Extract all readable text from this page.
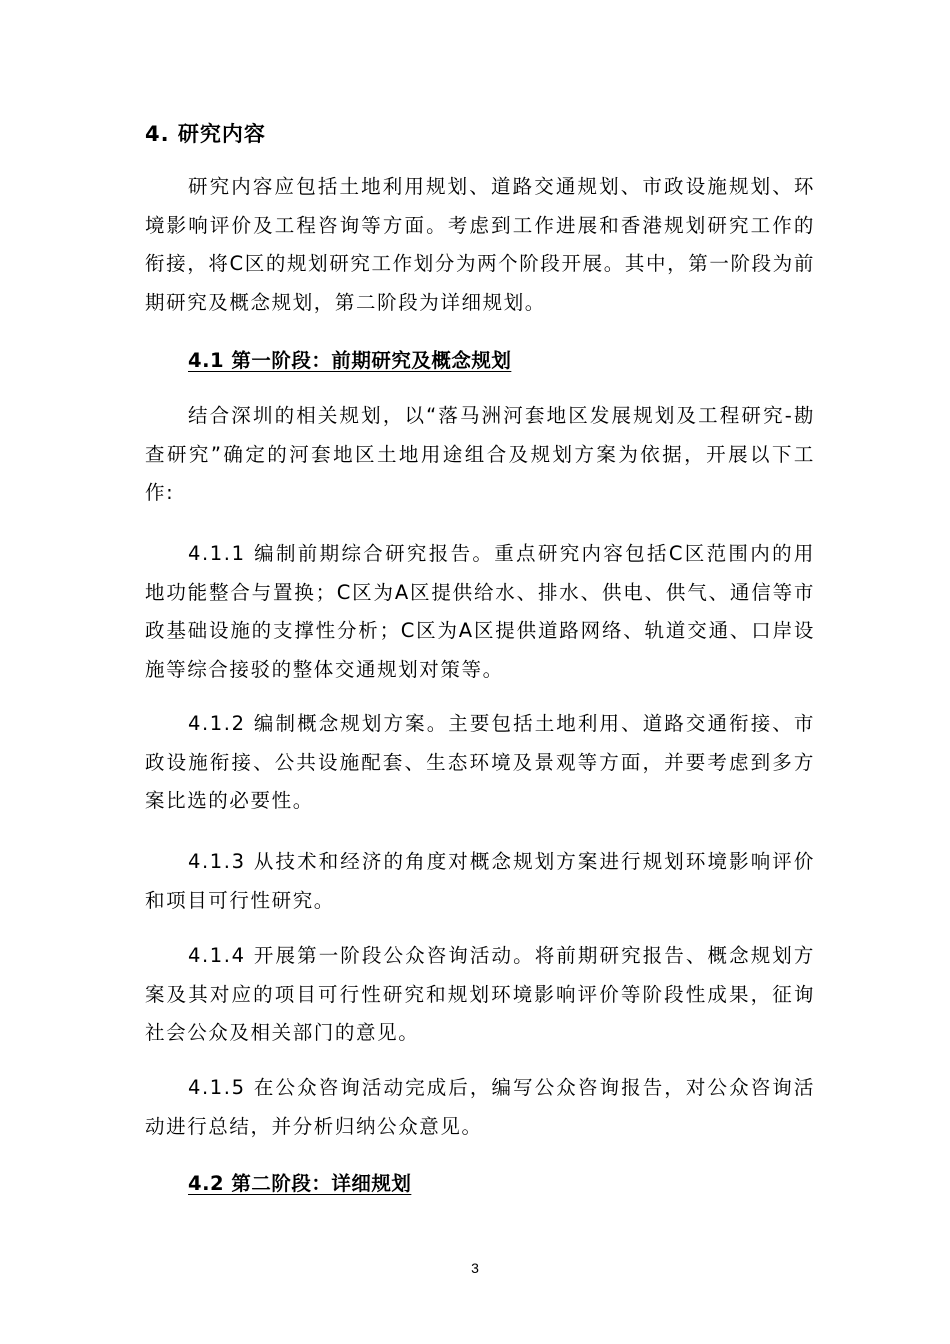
4. 研究内容

研究内容应包括土地利用规划、道路交通规划、市政设施规划、环境影响评价及工程咨询等方面。考虑到工作进展和香港规划研究工作的衔接，将C区的规划研究工作划分为两个阶段开展。其中，第一阶段为前期研究及概念规划，第二阶段为详细规划。

4.1 第一阶段：前期研究及概念规划

结合深圳的相关规划，以“落马洲河套地区发展规划及工程研究-勘查研究”确定的河套地区土地用途组合及规划方案为依据，开展以下工作:

4.1.1 编制前期综合研究报告。重点研究内容包括C区范围内的用地功能整合与置换；C区为A区提供给水、排水、供电、供气、通信等市政基础设施的支撑性分析；C区为A区提供道路网络、轨道交通、口岸设施等综合接驳的整体交通规划对策等。

4.1.2 编制概念规划方案。主要包括土地利用、道路交通衔接、市政设施衔接、公共设施配套、生态环境及景观等方面，并要考虑到多方案比选的必要性。

4.1.3 从技术和经济的角度对概念规划方案进行规划环境影响评价和项目可行性研究。

4.1.4 开展第一阶段公众咨询活动。将前期研究报告、概念规划方案及其对应的项目可行性研究和规划环境影响评价等阶段性成果，征询社会公众及相关部门的意见。

4.1.5 在公众咨询活动完成后，编写公众咨询报告，对公众咨询活动进行总结，并分析归纳公众意见。

4.2 第二阶段：详细规划
3
